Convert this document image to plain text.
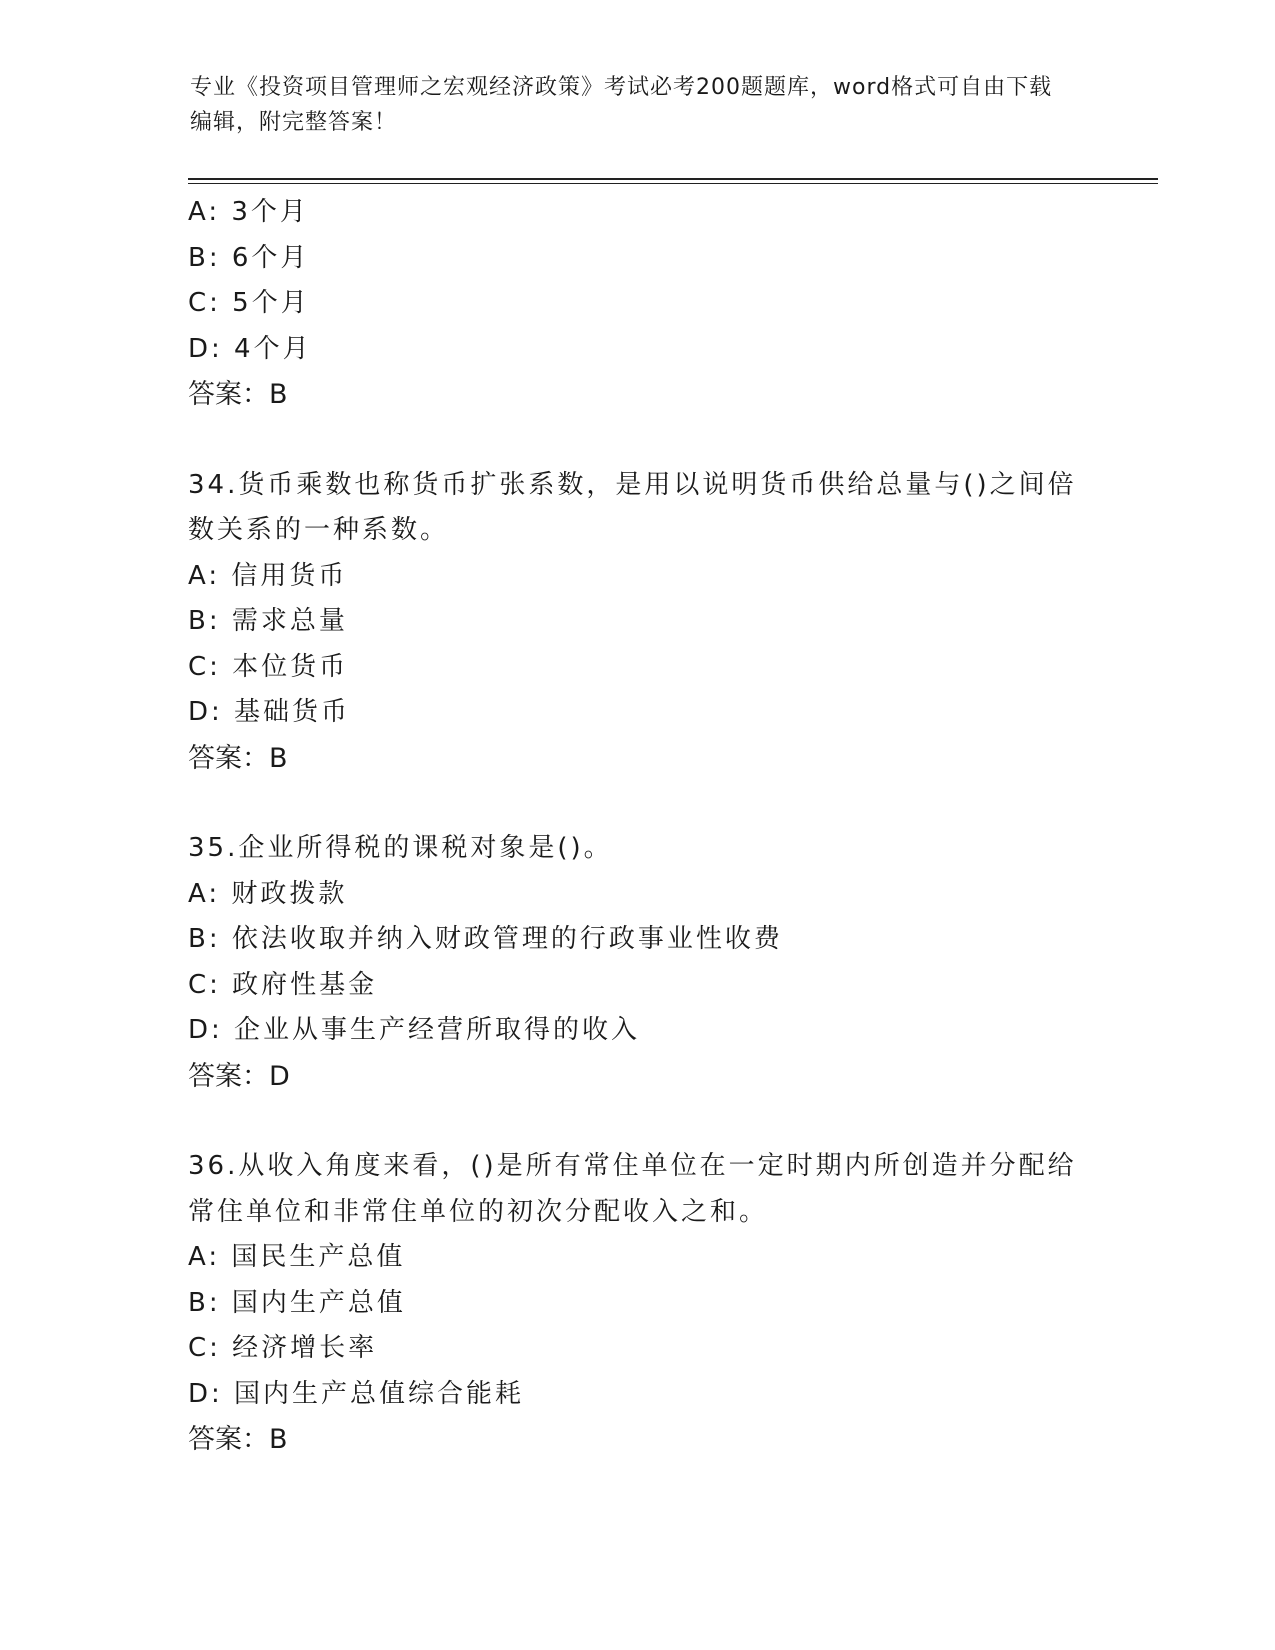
专业《投资项目管理师之宏观经济政策》考试必考200题题库，word格式可自由下载编辑，附完整答案！
A: 3个月
B: 6个月
C: 5个月
D: 4个月
答案：B
34.货币乘数也称货币扩张系数，是用以说明货币供给总量与()之间倍数关系的一种系数。
A: 信用货币
B: 需求总量
C: 本位货币
D: 基础货币
答案：B
35.企业所得税的课税对象是()。
A: 财政拨款
B: 依法收取并纳入财政管理的行政事业性收费
C: 政府性基金
D: 企业从事生产经营所取得的收入
答案：D
36.从收入角度来看，()是所有常住单位在一定时期内所创造并分配给常住单位和非常住单位的初次分配收入之和。
A: 国民生产总值
B: 国内生产总值
C: 经济增长率
D: 国内生产总值综合能耗
答案：B
